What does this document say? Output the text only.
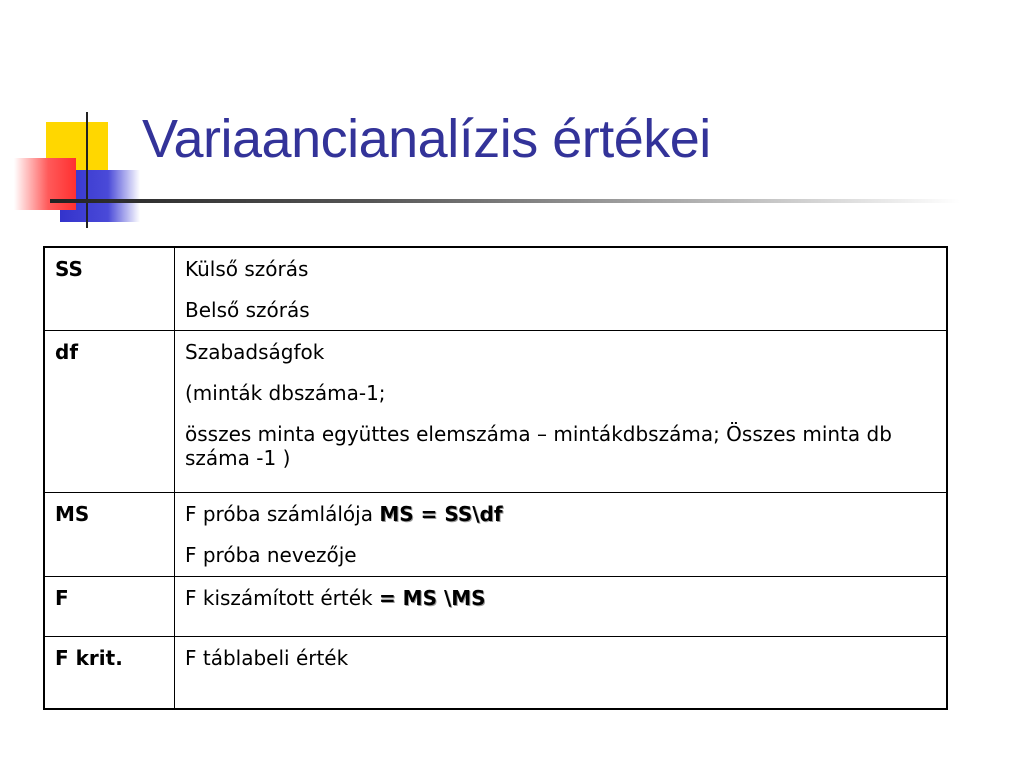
Variaancianalízis értékei
SS	Külső szórás

Belső szórás

df	Szabadságfok

(minták dbszáma-1;

összes minta együttes elemszáma – mintákdbszáma; Összes minta db száma -1 )

MS	F próba számlálója MS = SS\df

F próba nevezője

F	F kiszámított érték = MS \MS

F krit.	F táblabeli érték
